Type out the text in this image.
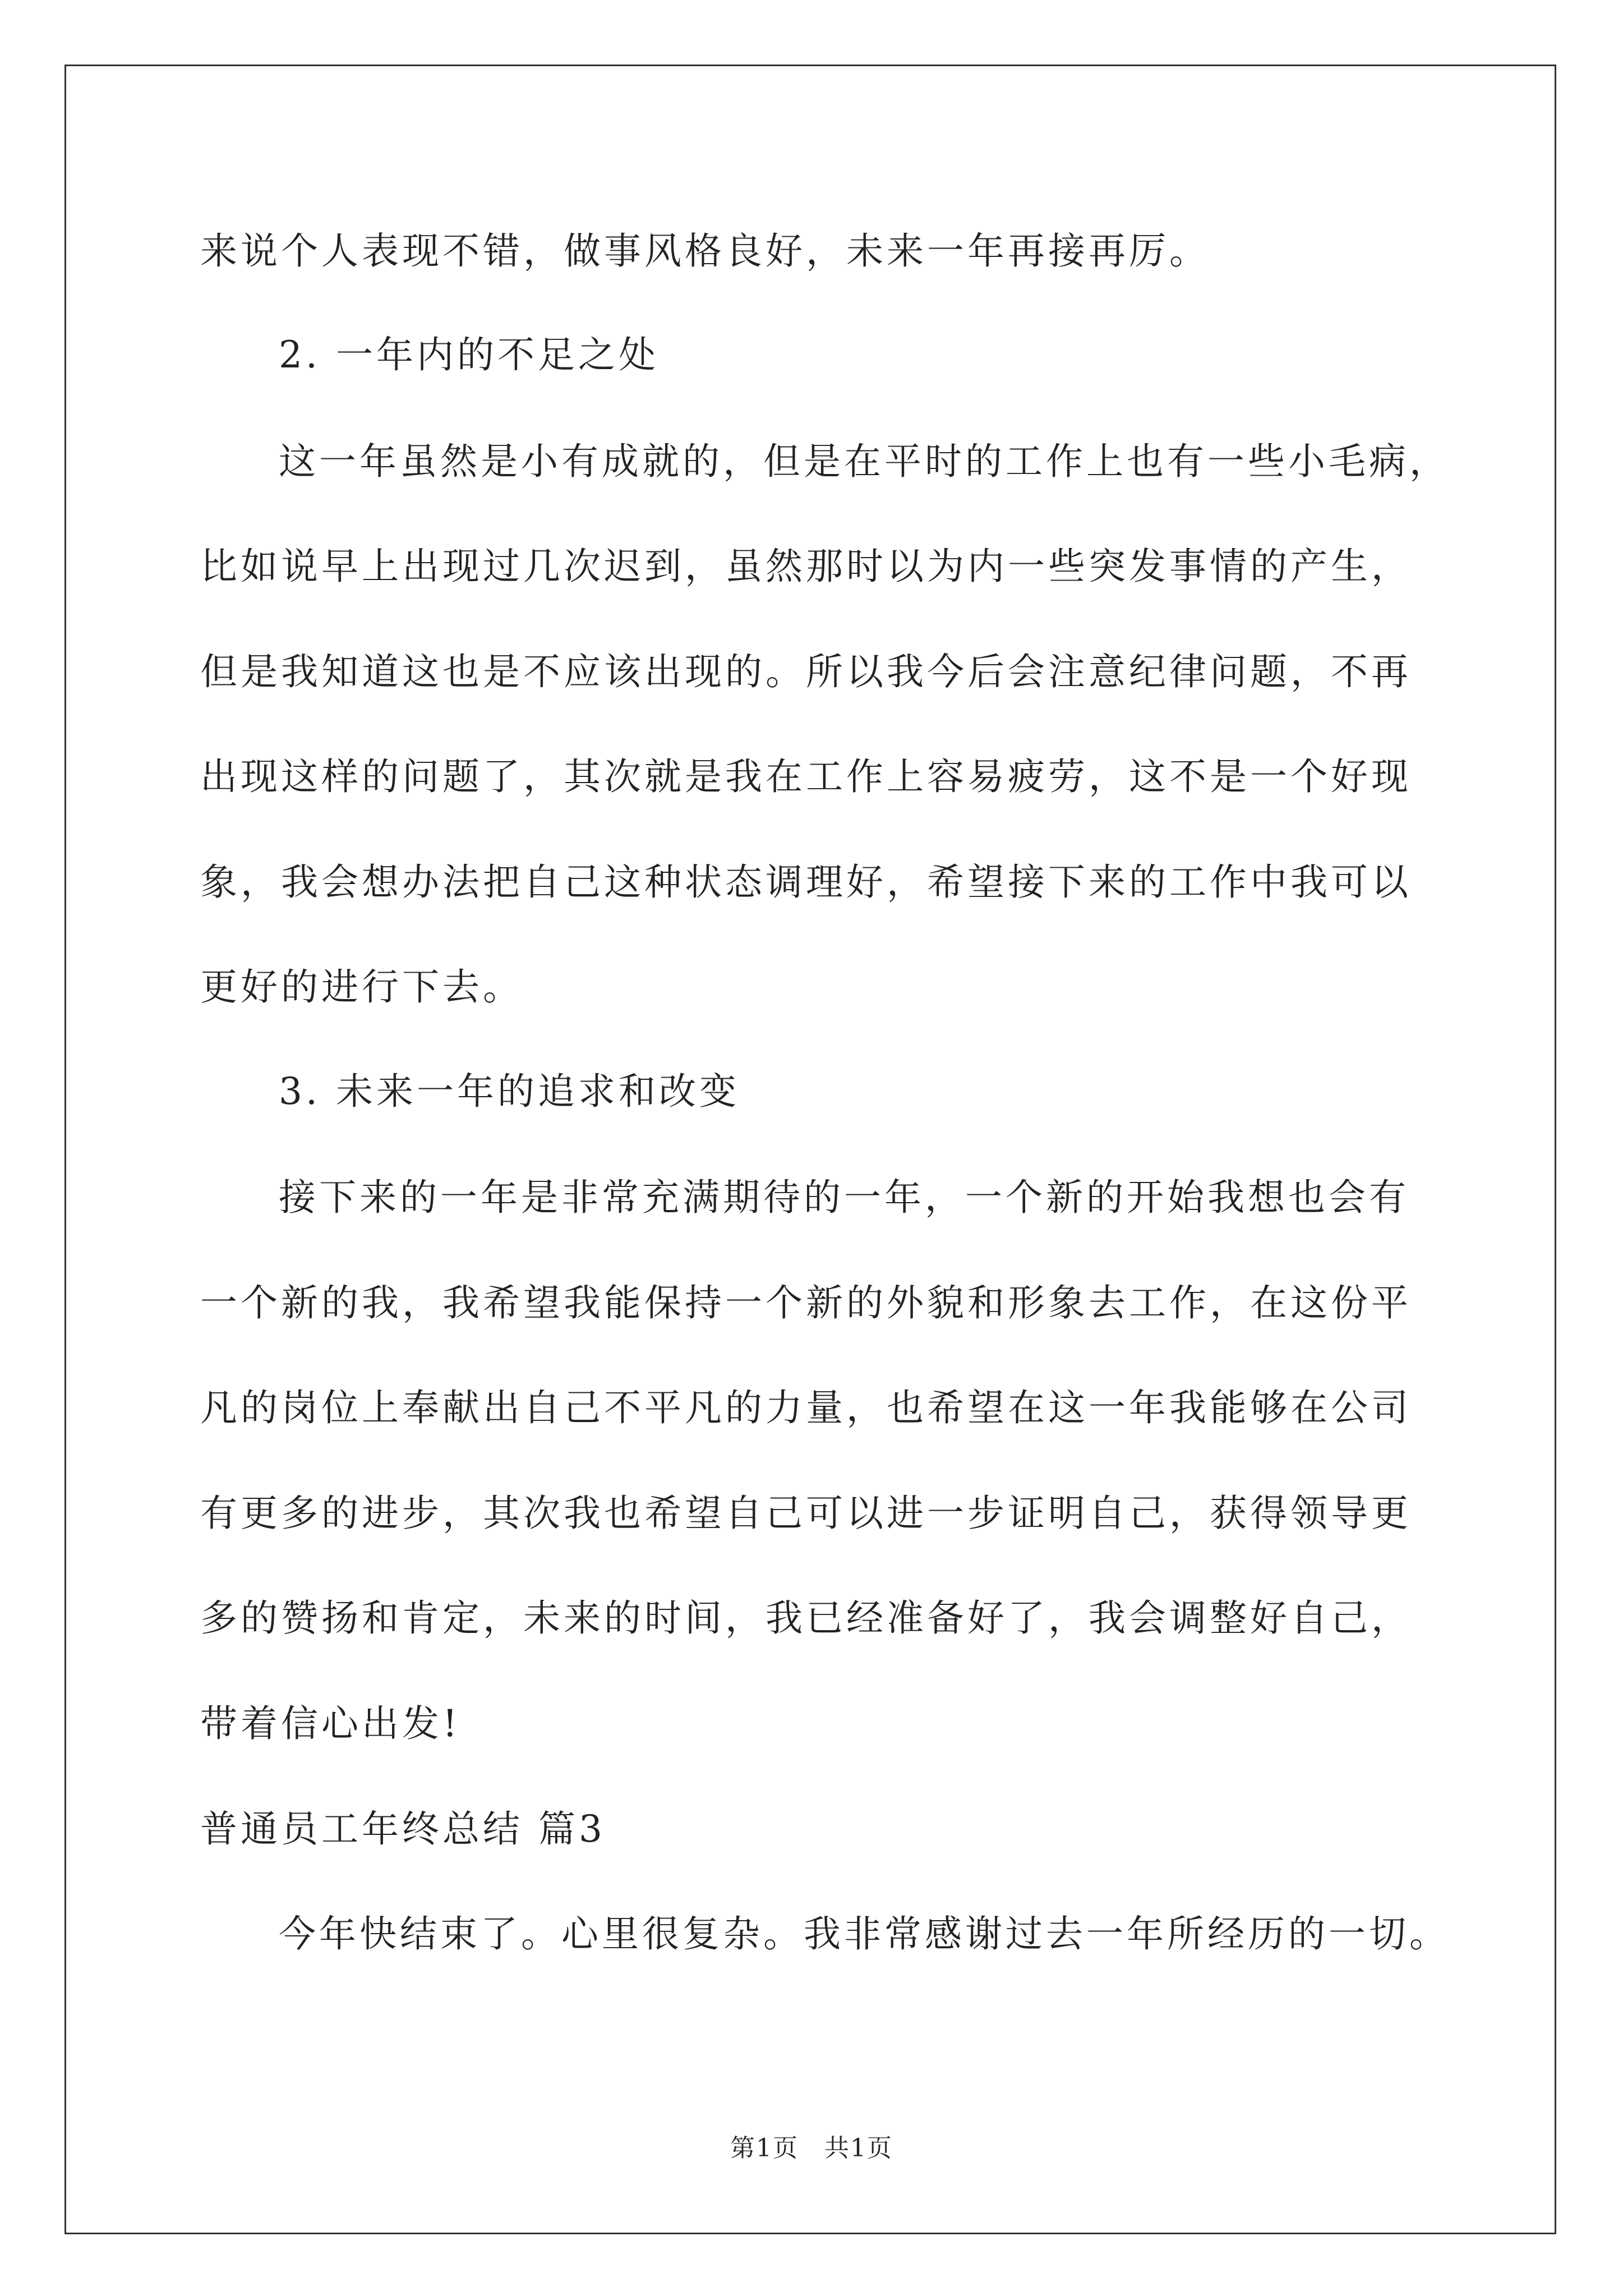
来说个人表现不错，做事风格良好，未来一年再接再厉。
2. 一年内的不足之处
这一年虽然是小有成就的，但是在平时的工作上也有一些小毛病，
比如说早上出现过几次迟到，虽然那时以为内一些突发事情的产生，
但是我知道这也是不应该出现的。所以我今后会注意纪律问题，不再
出现这样的问题了，其次就是我在工作上容易疲劳，这不是一个好现
象，我会想办法把自己这种状态调理好，希望接下来的工作中我可以
更好的进行下去。
3. 未来一年的追求和改变
接下来的一年是非常充满期待的一年，一个新的开始我想也会有
一个新的我，我希望我能保持一个新的外貌和形象去工作，在这份平
凡的岗位上奉献出自己不平凡的力量，也希望在这一年我能够在公司
有更多的进步，其次我也希望自己可以进一步证明自己，获得领导更
多的赞扬和肯定，未来的时间，我已经准备好了，我会调整好自己，
带着信心出发!
普通员工年终总结 篇3
今年快结束了。心里很复杂。我非常感谢过去一年所经历的一切。
第1页　共1页
